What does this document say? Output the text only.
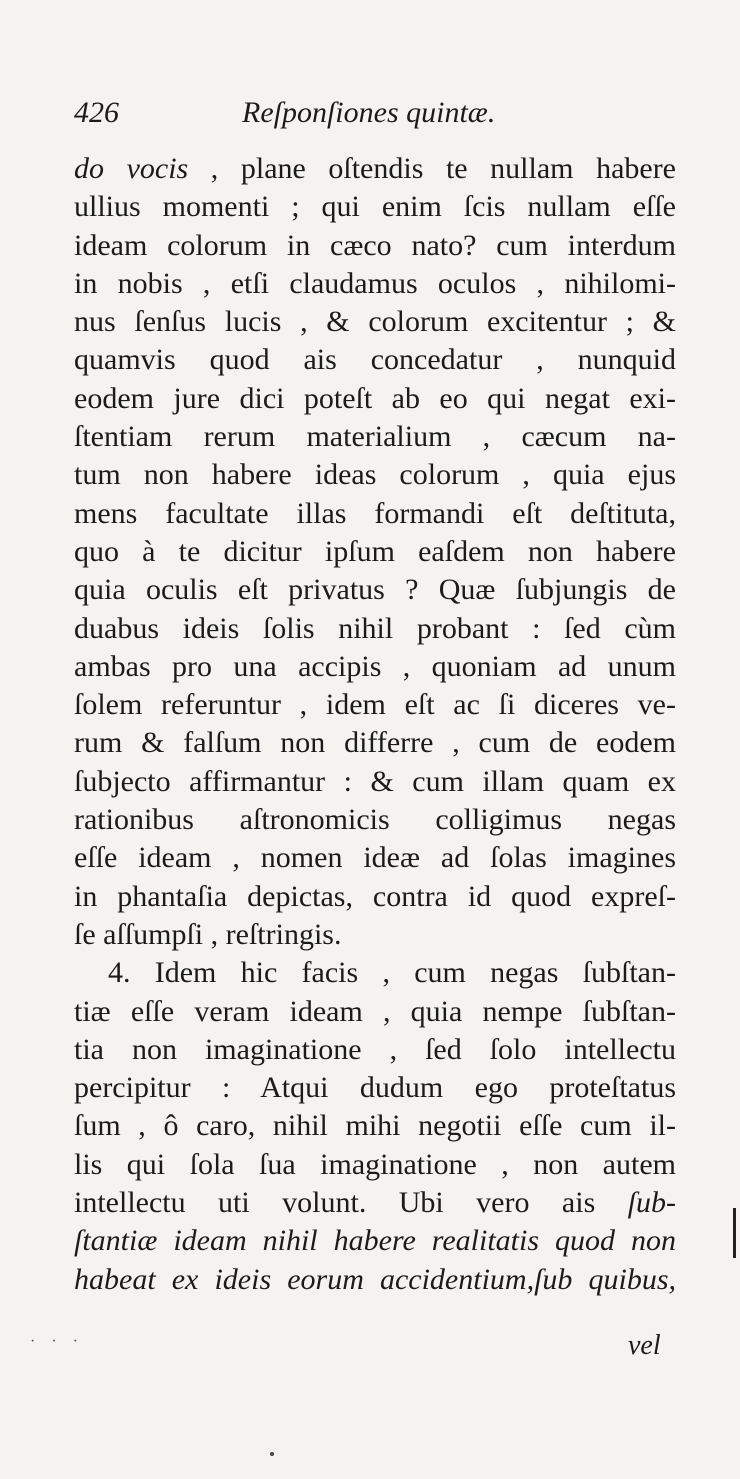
426	Reſponſiones quintæ.
do vocis , plane oſtendis te nullam habere
ullius momenti ; qui enim ſcis nullam eſſe
ideam colorum in cæco nato? cum interdum
in nobis , etſi claudamus oculos , nihilomi-
nus ſenſus lucis , & colorum excitentur ; &
quamvis quod ais concedatur , nunquid
eodem jure dici poteſt ab eo qui negat exi-
ſtentiam rerum materialium , cæcum na-
tum non habere ideas colorum , quia ejus
mens facultate illas formandi eſt deſtituta,
quo à te dicitur ipſum eaſdem non habere
quia oculis eſt privatus ? Quæ ſubjungis de
duabus ideis ſolis nihil probant : ſed cùm
ambas pro una accipis , quoniam ad unum
ſolem referuntur , idem eſt ac ſi diceres ve-
rum & falſum non differre , cum de eodem
ſubjecto affirmantur : & cum illam quam ex
rationibus aſtronomicis colligimus negas
eſſe ideam , nomen ideæ ad ſolas imagines
in phantaſia depictas, contra id quod expreſ-
ſe aſſumpſi , reſtringis.
4. Idem hic facis , cum negas ſubſtan-
tiæ eſſe veram ideam , quia nempe ſubſtan-
tia non imaginatione , ſed ſolo intellectu
percipitur : Atqui dudum ego proteſtatus
ſum , ô caro, nihil mihi negotii eſſe cum il-
lis qui ſola ſua imaginatione , non autem
intellectu uti volunt. Ubi vero ais ſub-
ſtantiæ ideam nihil habere realitatis quod non
habeat ex ideis eorum accidentium,ſub quibus,
· · ·	vel
